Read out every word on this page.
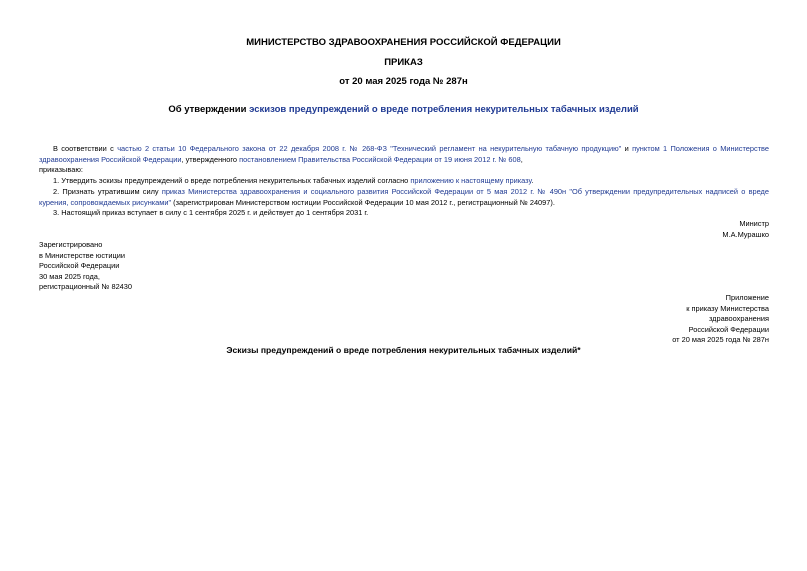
МИНИСТЕРСТВО ЗДРАВООХРАНЕНИЯ РОССИЙСКОЙ ФЕДЕРАЦИИ
ПРИКАЗ
от 20 мая 2025 года № 287н
Об утверждении эскизов предупреждений о вреде потребления некурительных табачных изделий
В соответствии с частью 2 статьи 10 Федерального закона от 22 декабря 2008 г. № 268-ФЗ "Технический регламент на некурительную табачную продукцию" и пунктом 1 Положения о Министерстве здравоохранения Российской Федерации, утвержденного постановлением Правительства Российской Федерации от 19 июня 2012 г. № 608,
приказываю:
1. Утвердить эскизы предупреждений о вреде потребления некурительных табачных изделий согласно приложению к настоящему приказу.
2. Признать утратившим силу приказ Министерства здравоохранения и социального развития Российской Федерации от 5 мая 2012 г. № 490н "Об утверждении предупредительных надписей о вреде курения, сопровождаемых рисунками" (зарегистрирован Министерством юстиции Российской Федерации 10 мая 2012 г., регистрационный № 24097).
3. Настоящий приказ вступает в силу с 1 сентября 2025 г. и действует до 1 сентября 2031 г.
Министр
М.А.Мурашко
Зарегистрировано
в Министерстве юстиции
Российской Федерации
30 мая 2025 года,
регистрационный № 82430
Приложение
к приказу Министерства
здравоохранения
Российской Федерации
от 20 мая 2025 года № 287н
Эскизы предупреждений о вреде потребления некурительных табачных изделий*
